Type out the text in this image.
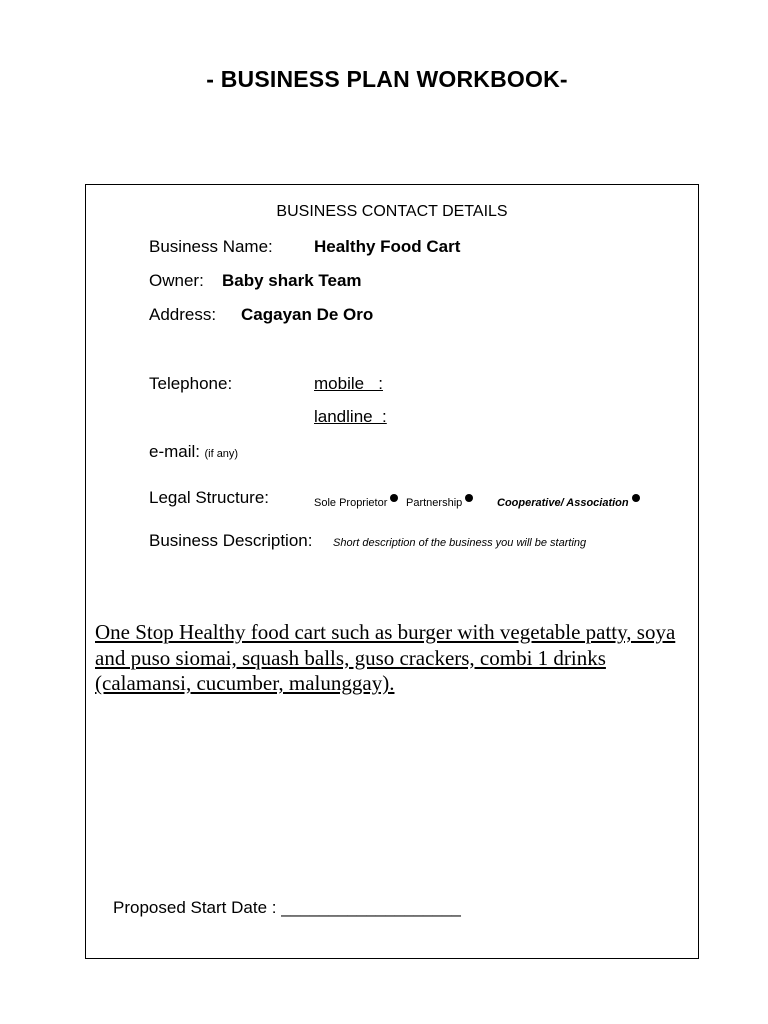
- BUSINESS PLAN WORKBOOK-
BUSINESS CONTACT DETAILS
Business Name: Healthy Food Cart
Owner: Baby shark Team
Address: Cagayan De Oro
Telephone:	mobile   :
landline  :
e-mail: (if any)
Legal Structure:	Sole Proprietor	Partnership	Cooperative/ Association
Business Description: Short description of the business you will be starting
One Stop Healthy food cart such as burger with vegetable patty, soya and puso siomai, squash balls, guso crackers, combi 1 drinks (calamansi, cucumber, malunggay).
Proposed Start Date : ___________________
